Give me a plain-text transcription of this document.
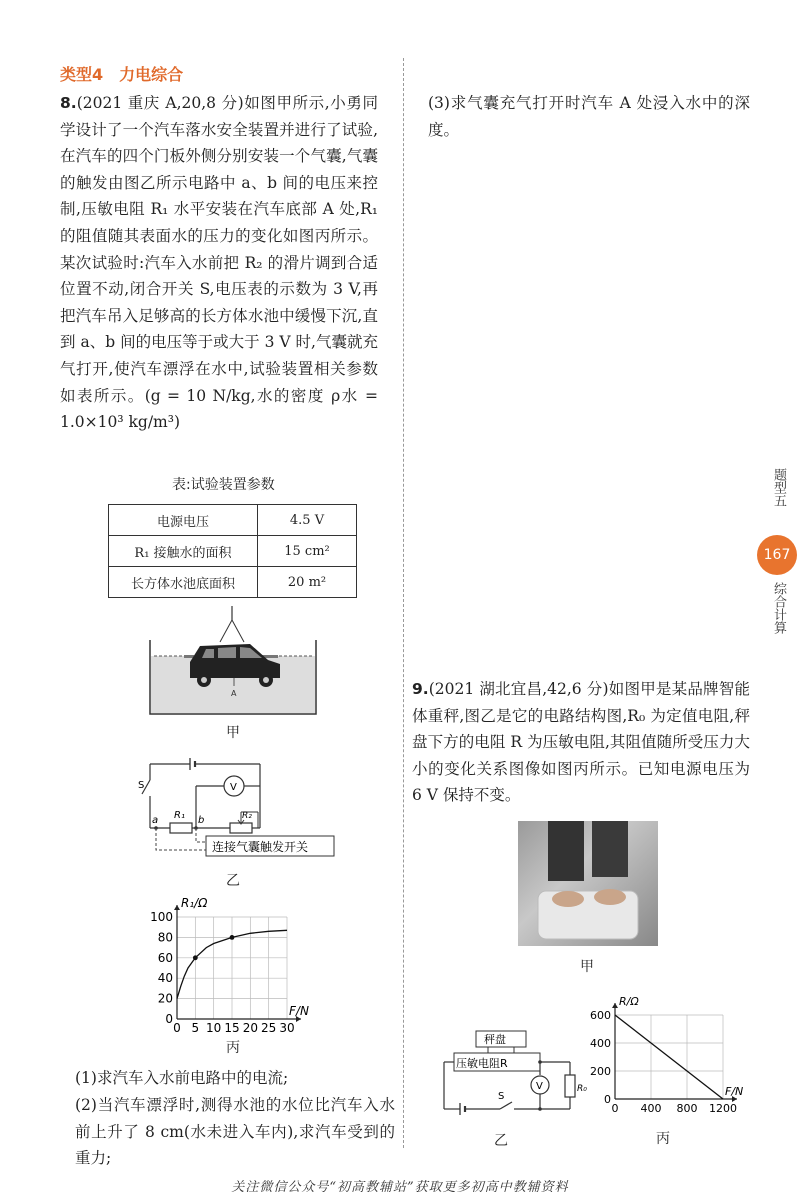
类型4　力电综合

8.(2021 重庆 A,20,8 分)如图甲所示,小勇同学设计了一个汽车落水安全装置并进行了试验,在汽车的四个门板外侧分别安装一个气囊,气囊的触发由图乙所示电路中 a、b 间的电压来控制,压敏电阻 R₁ 水平安装在汽车底部 A 处,R₁ 的阻值随其表面水的压力的变化如图丙所示。某次试验时:汽车入水前把 R₂ 的滑片调到合适位置不动,闭合开关 S,电压表的示数为 3 V,再把汽车吊入足够高的长方体水池中缓慢下沉,直到 a、b 间的电压等于或大于 3 V 时,气囊就充气打开,使汽车漂浮在水中,试验装置相关参数如表所示。(g = 10 N/kg,水的密度 ρ水 = 1.0×10³ kg/m³)

表:试验装置参数
电源电压	4.5 V
R₁ 接触水的面积	15 cm²
长方体水池底面积	20 m²
A
甲
S
R₁	R₂
V
a	b
连接气囊触发开关
乙
0 5 10 15 20 25 30
0
20
40
60
80
100
R₁/Ω
F/N
丙

(1)求汽车入水前电路中的电流;

(2)当汽车漂浮时,测得水池的水位比汽车入水前上升了 8 cm(水未进入车内),求汽车受到的重力;

(3)求气囊充气打开时汽车 A 处浸入水中的深度。

9.(2021 湖北宜昌,42,6 分)如图甲是某品牌智能体重秤,图乙是它的电路结构图,R₀ 为定值电阻,秤盘下方的电阻 R 为压敏电阻,其阻值随所受压力大小的变化关系图像如图丙所示。已知电源电压为 6 V 保持不变。

甲
秤盘
压敏电阻R
S
R₀
V
乙
0 400 800 1200
0
200
400
600
R/Ω
F/N
丙
题型五
167
综合计算
关注微信公众号“初高教辅站”获取更多初高中教辅资料
